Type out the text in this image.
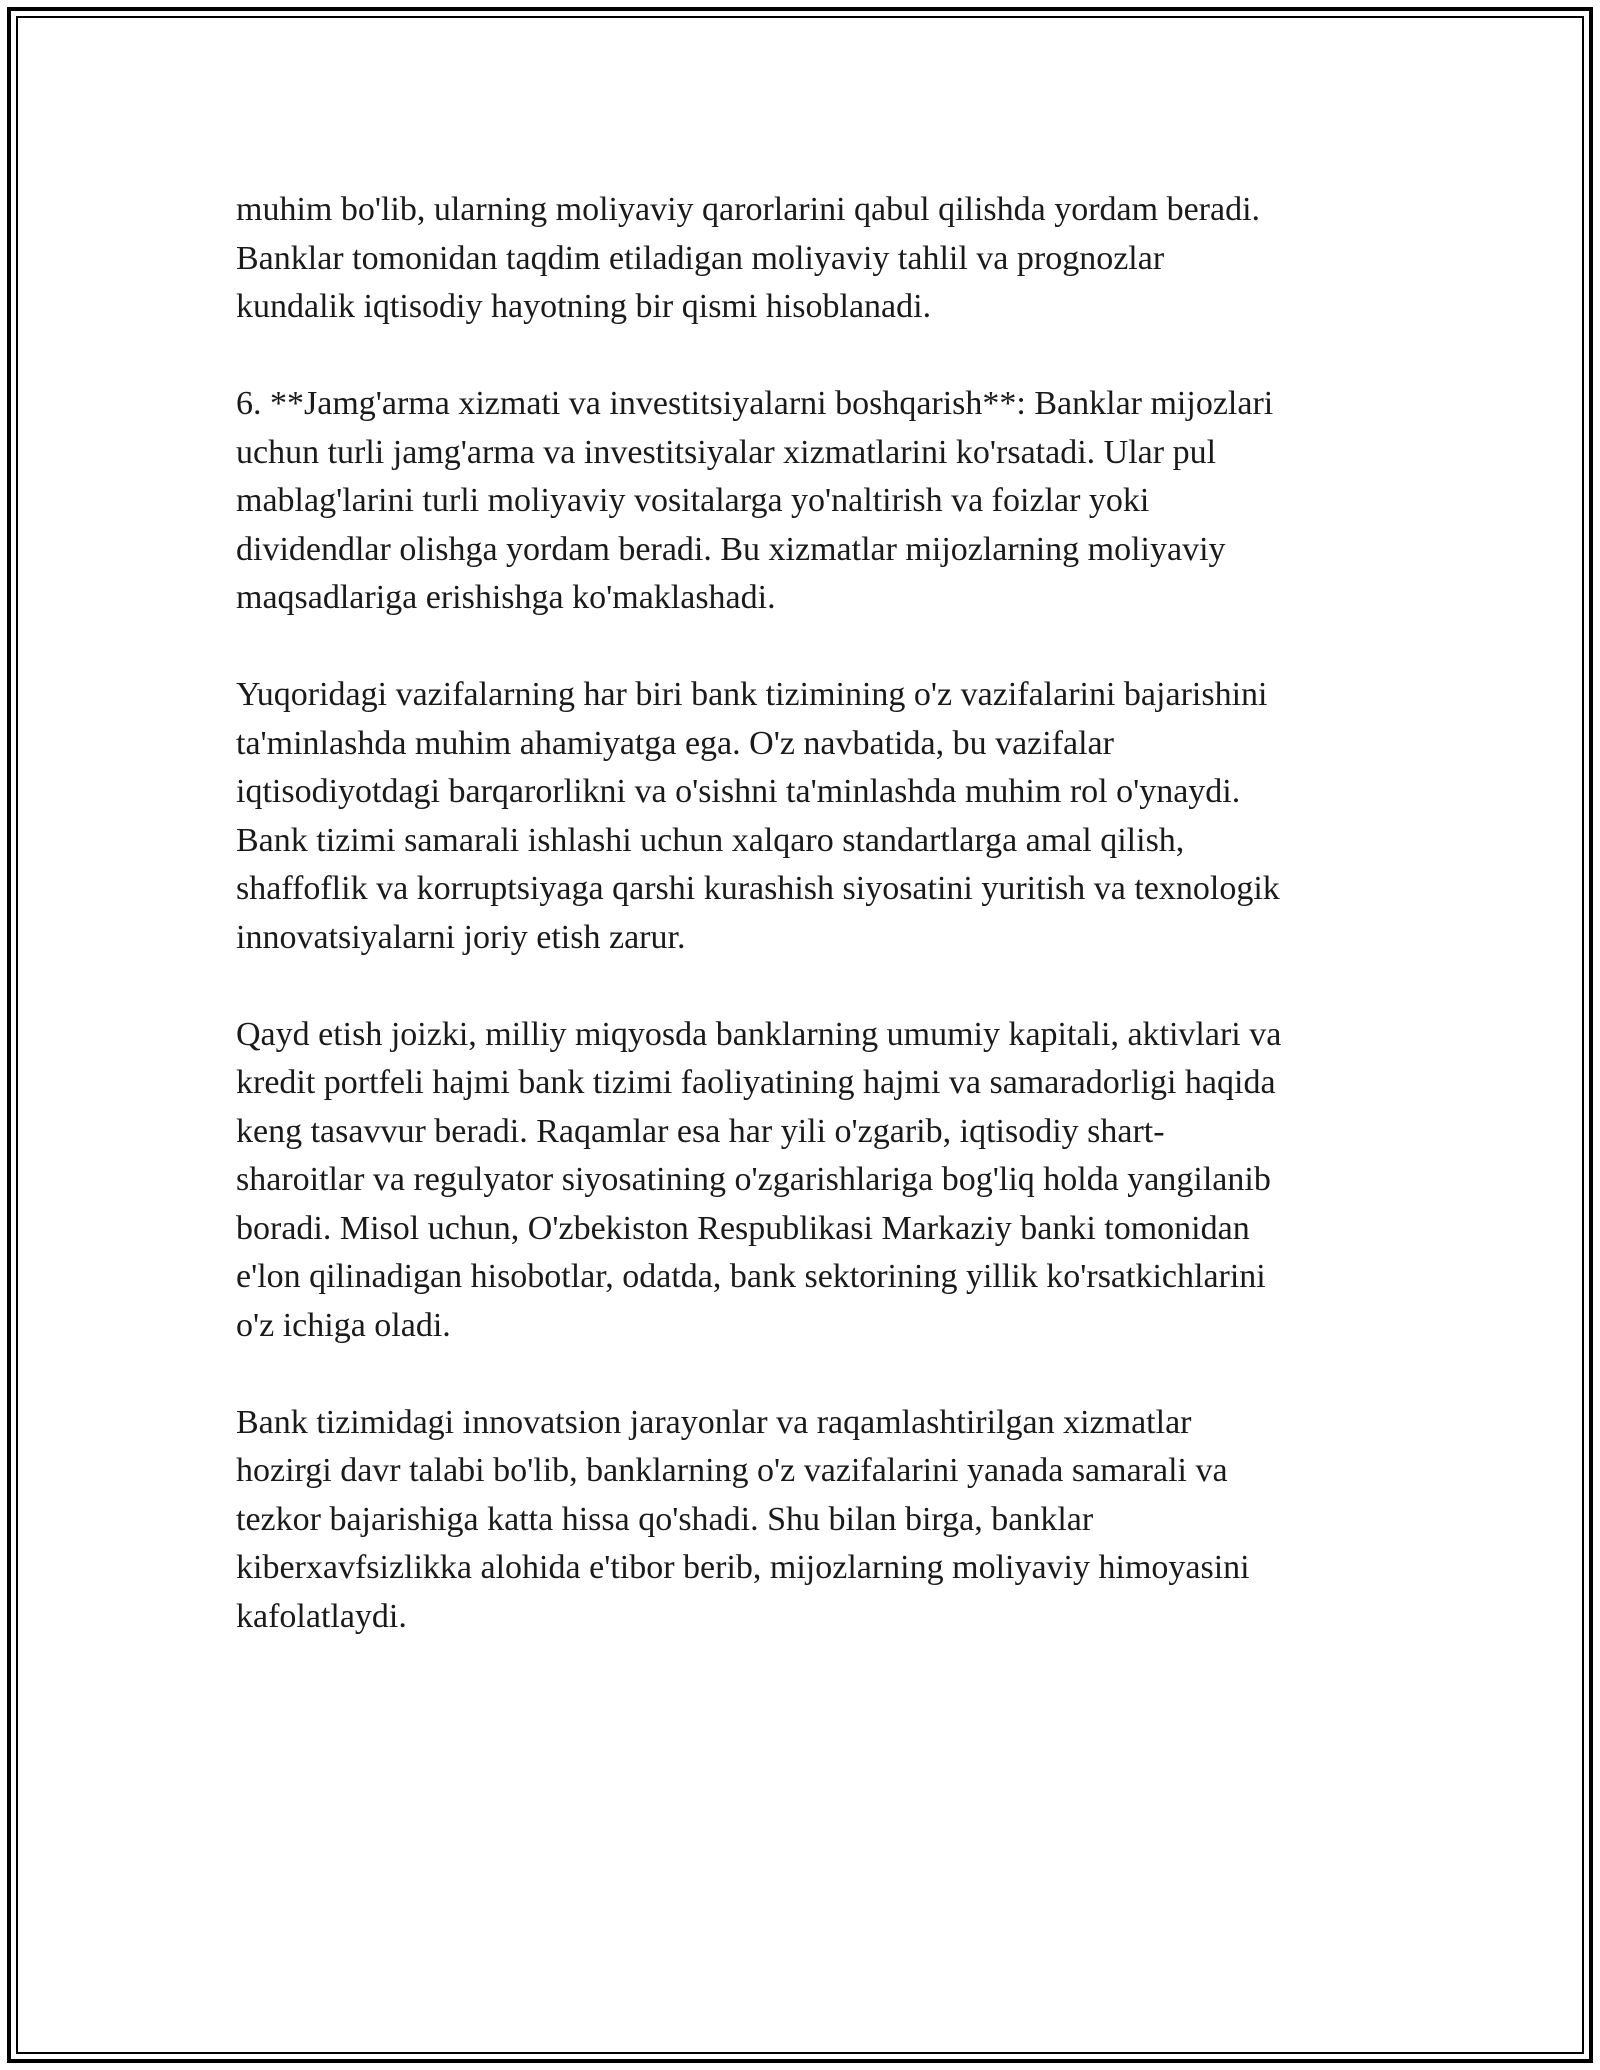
muhim bo'lib, ularning moliyaviy qarorlarini qabul qilishda yordam beradi.
Banklar tomonidan taqdim etiladigan moliyaviy tahlil va prognozlar
kundalik iqtisodiy hayotning bir qismi hisoblanadi.
6. **Jamg'arma xizmati va investitsiyalarni boshqarish**: Banklar mijozlari
uchun turli jamg'arma va investitsiyalar xizmatlarini ko'rsatadi. Ular pul
mablag'larini turli moliyaviy vositalarga yo'naltirish va foizlar yoki
dividendlar olishga yordam beradi. Bu xizmatlar mijozlarning moliyaviy
maqsadlariga erishishga ko'maklashadi.
Yuqoridagi vazifalarning har biri bank tizimining o'z vazifalarini bajarishini
ta'minlashda muhim ahamiyatga ega. O'z navbatida, bu vazifalar
iqtisodiyotdagi barqarorlikni va o'sishni ta'minlashda muhim rol o'ynaydi.
Bank tizimi samarali ishlashi uchun xalqaro standartlarga amal qilish,
shaffoflik va korruptsiyaga qarshi kurashish siyosatini yuritish va texnologik
innovatsiyalarni joriy etish zarur.
Qayd etish joizki, milliy miqyosda banklarning umumiy kapitali, aktivlari va
kredit portfeli hajmi bank tizimi faoliyatining hajmi va samaradorligi haqida
keng tasavvur beradi. Raqamlar esa har yili o'zgarib, iqtisodiy shart-
sharoitlar va regulyator siyosatining o'zgarishlariga bog'liq holda yangilanib
boradi. Misol uchun, O'zbekiston Respublikasi Markaziy banki tomonidan
e'lon qilinadigan hisobotlar, odatda, bank sektorining yillik ko'rsatkichlarini
o'z ichiga oladi.
Bank tizimidagi innovatsion jarayonlar va raqamlashtirilgan xizmatlar
hozirgi davr talabi bo'lib, banklarning o'z vazifalarini yanada samarali va
tezkor bajarishiga katta hissa qo'shadi. Shu bilan birga, banklar
kiberxavfsizlikka alohida e'tibor berib, mijozlarning moliyaviy himoyasini
kafolatlaydi.
